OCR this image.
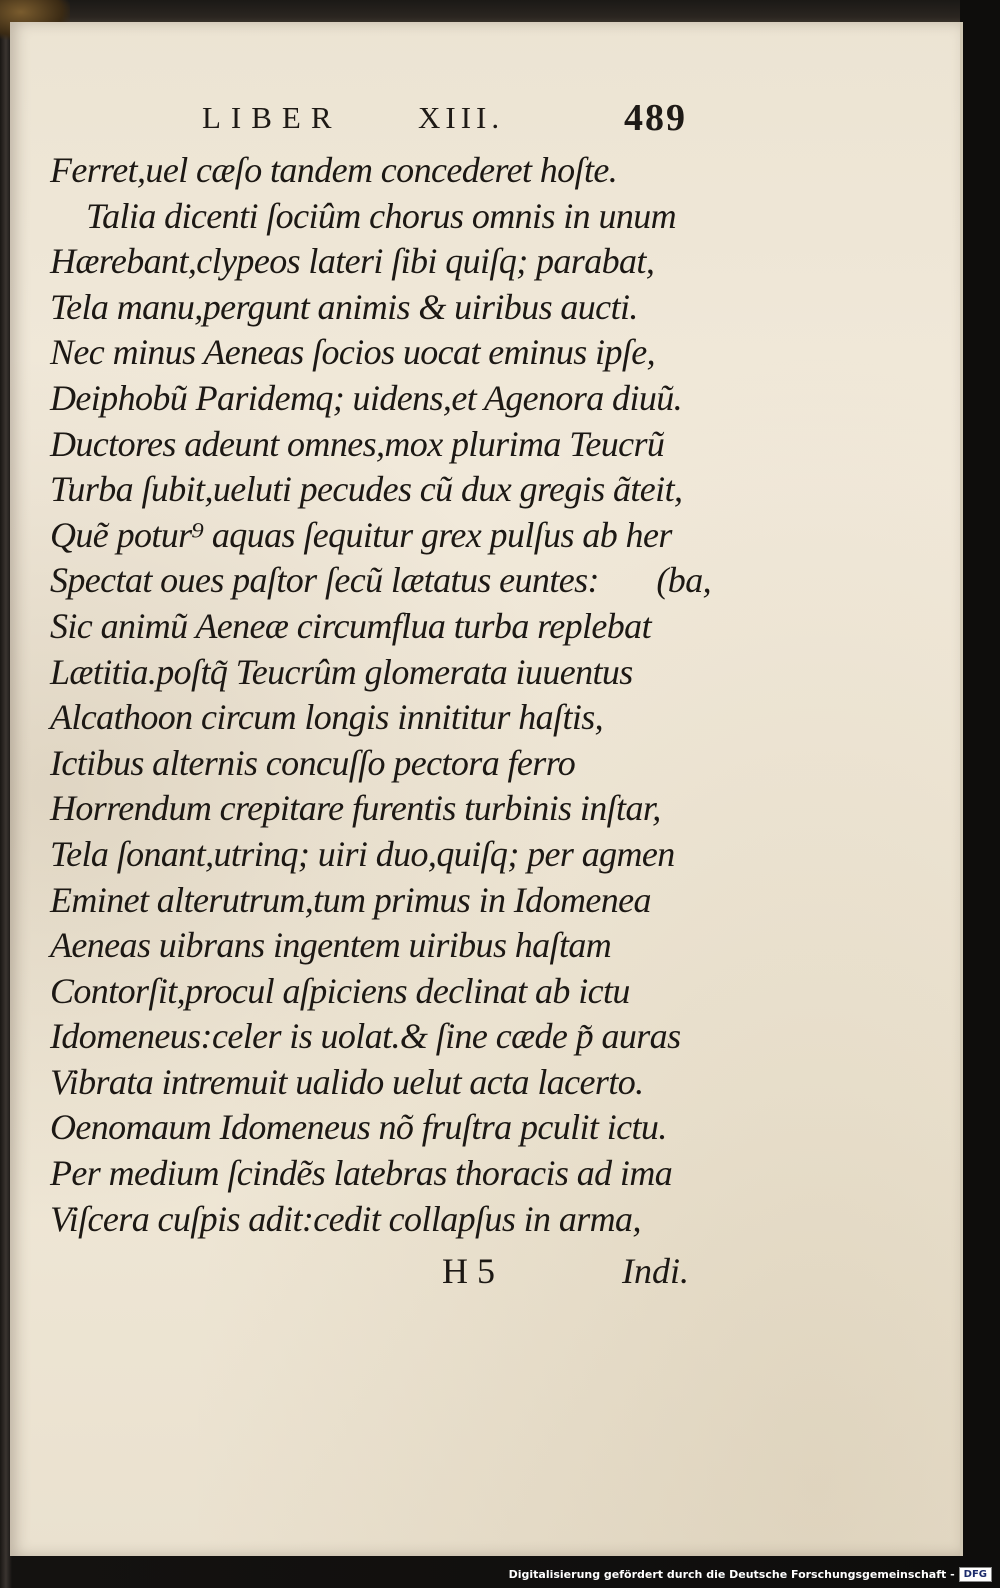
LIBER XIII.	489
Ferret,uel cæſo tandem concederet hoſte.
Talia dicenti ſociûm chorus omnis in unum
Hærebant,clypeos lateri ſibi quiſq; parabat,
Tela manu,pergunt animis & uiribus aucti.
Nec minus Aeneas ſocios uocat eminus ipſe,
Deiphobũ Paridemq; uidens,et Agenora diuũ.
Ductores adeunt omnes,mox plurima Teucrũ
Turba ſubit,ueluti pecudes cũ dux gregis ãteit,
Quẽ potur⁹ aquas ſequitur grex pulſus ab her
Spectat oues paſtor ſecũ lætatus euntes: (ba,
Sic animũ Aeneæ circumflua turba replebat
Lætitia.poſtq̃ Teucrûm glomerata iuuentus
Alcathoon circum longis innititur haſtis,
Ictibus alternis concuſſo pectora ferro
Horrendum crepitare furentis turbinis inſtar,
Tela ſonant,utrinq; uiri duo,quiſq; per agmen
Eminet alterutrum,tum primus in Idomenea
Aeneas uibrans ingentem uiribus haſtam
Contorſit,procul aſpiciens declinat ab ictu
Idomeneus:celer is uolat.& ſine cæde p̃ auras
Vibrata intremuit ualido uelut acta lacerto.
Oenomaum Idomeneus nõ fruſtra pculit ictu.
Per medium ſcindẽs latebras thoracis ad ima
Viſcera cuſpis adit:cedit collapſus in arma,
H 5	Indi.
Digitalisierung gefördert durch die Deutsche Forschungsgemeinschaft - DFG
